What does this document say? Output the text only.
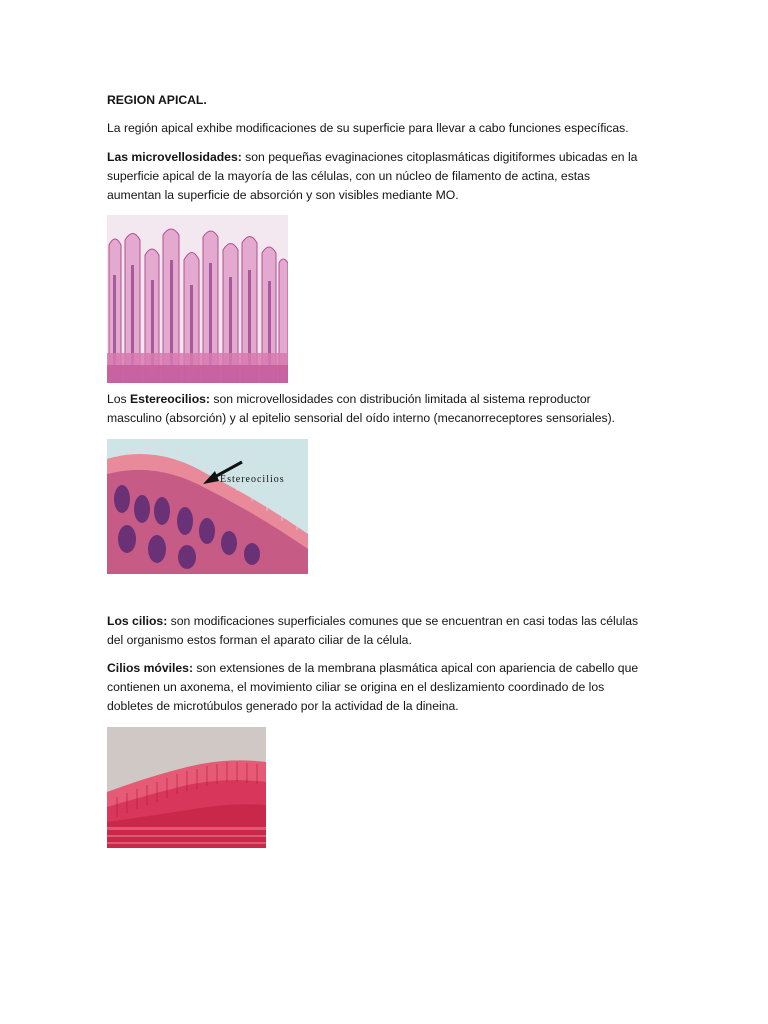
REGION APICAL.

La región apical exhibe modificaciones de su superficie para llevar a cabo funciones específicas.

Las microvellosidades: son pequeñas evaginaciones citoplasmáticas digitiformes ubicadas en la superficie apical de la mayoría de las células, con un núcleo de filamento de actina, estas aumentan la superficie de absorción y son visibles mediante MO.

Los Estereocilios: son microvellosidades con distribución limitada al sistema reproductor masculino (absorción) y al epitelio sensorial del oído interno (mecanorreceptores sensoriales).

Estereocilios

Los cilios: son modificaciones superficiales comunes que se encuentran en casi todas las células del organismo estos forman el aparato ciliar de la célula.

Cilios móviles: son extensiones de la membrana plasmática apical con apariencia de cabello que contienen un axonema, el movimiento ciliar se origina en el deslizamiento coordinado de los dobletes de microtúbulos generado por la actividad de la dineina.
